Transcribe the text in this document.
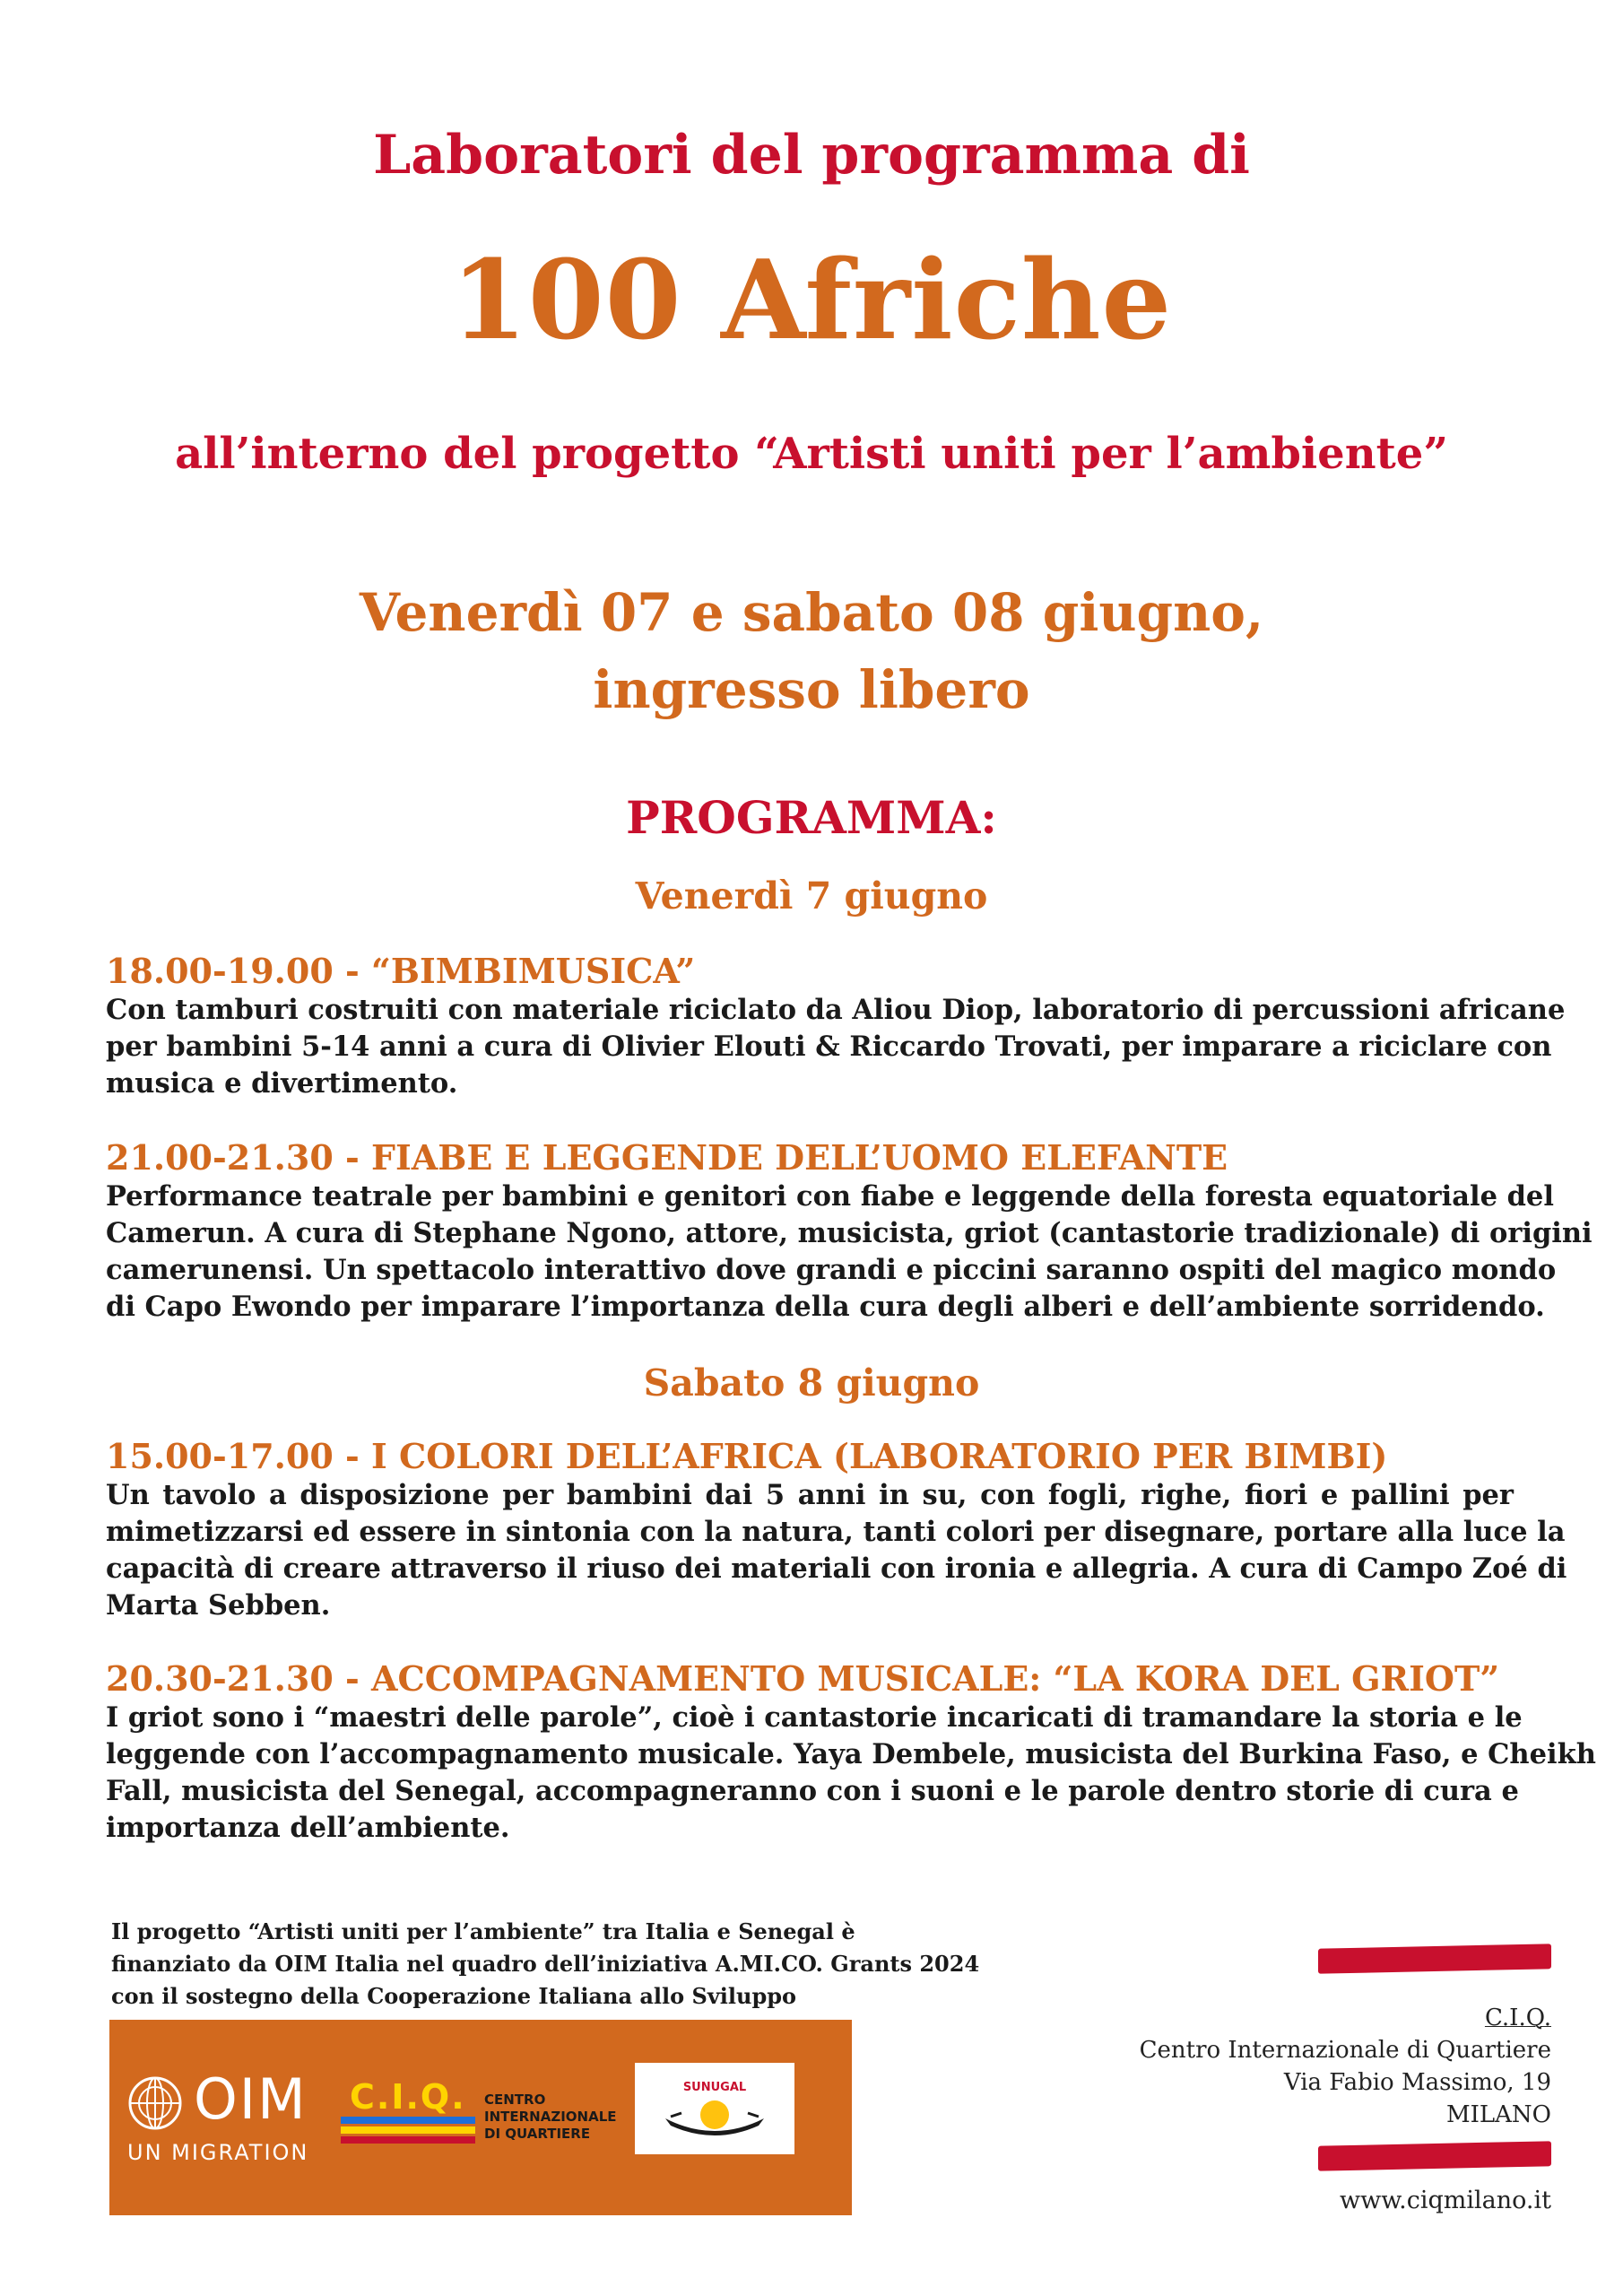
Laboratori del programma di
100 Afriche
all’interno del progetto “Artisti uniti per l’ambiente”
Venerdì 07 e sabato 08 giugno,
ingresso libero
PROGRAMMA:
Venerdì 7 giugno
18.00-19.00 - “BIMBIMUSICA”
Con tamburi costruiti con materiale riciclato da Aliou Diop, laboratorio di percussioni africane
per bambini 5-14 anni a cura di Olivier Elouti & Riccardo Trovati, per imparare a riciclare con
musica e divertimento.
21.00-21.30 - FIABE E LEGGENDE DELL’UOMO ELEFANTE
Performance teatrale per bambini e genitori con fiabe e leggende della foresta equatoriale del
Camerun. A cura di Stephane Ngono, attore, musicista, griot (cantastorie tradizionale) di origini
camerunensi. Un spettacolo interattivo dove grandi e piccini saranno ospiti del magico mondo
di Capo Ewondo per imparare l’importanza della cura degli alberi e dell’ambiente sorridendo.
Sabato 8 giugno
15.00-17.00 - I COLORI DELL’AFRICA (LABORATORIO PER BIMBI)
Un tavolo a disposizione per bambini dai 5 anni in su, con fogli, righe, fiori e pallini per
mimetizzarsi ed essere in sintonia con la natura, tanti colori per disegnare, portare alla luce la
capacità di creare attraverso il riuso dei materiali con ironia e allegria. A cura di Campo Zoé di
Marta Sebben.
20.30-21.30 - ACCOMPAGNAMENTO MUSICALE: “LA KORA DEL GRIOT”
I griot sono i “maestri delle parole”, cioè i cantastorie incaricati di tramandare la storia e le
leggende con l’accompagnamento musicale. Yaya Dembele, musicista del Burkina Faso, e Cheikh
Fall, musicista del Senegal, accompagneranno con i suoni e le parole dentro storie di cura e
importanza dell’ambiente.
Il progetto “Artisti uniti per l’ambiente” tra Italia e Senegal è
finanziato da OIM Italia nel quadro dell’iniziativa A.MI.CO. Grants 2024
con il sostegno della Cooperazione Italiana allo Sviluppo
OIM
UN MIGRATION
C.I.Q. CENTRO
INTERNAZIONALE
DI QUARTIERE
SUNUGAL
C.I.Q.
Centro Internazionale di Quartiere
Via Fabio Massimo, 19
MILANO
www.ciqmilano.it
